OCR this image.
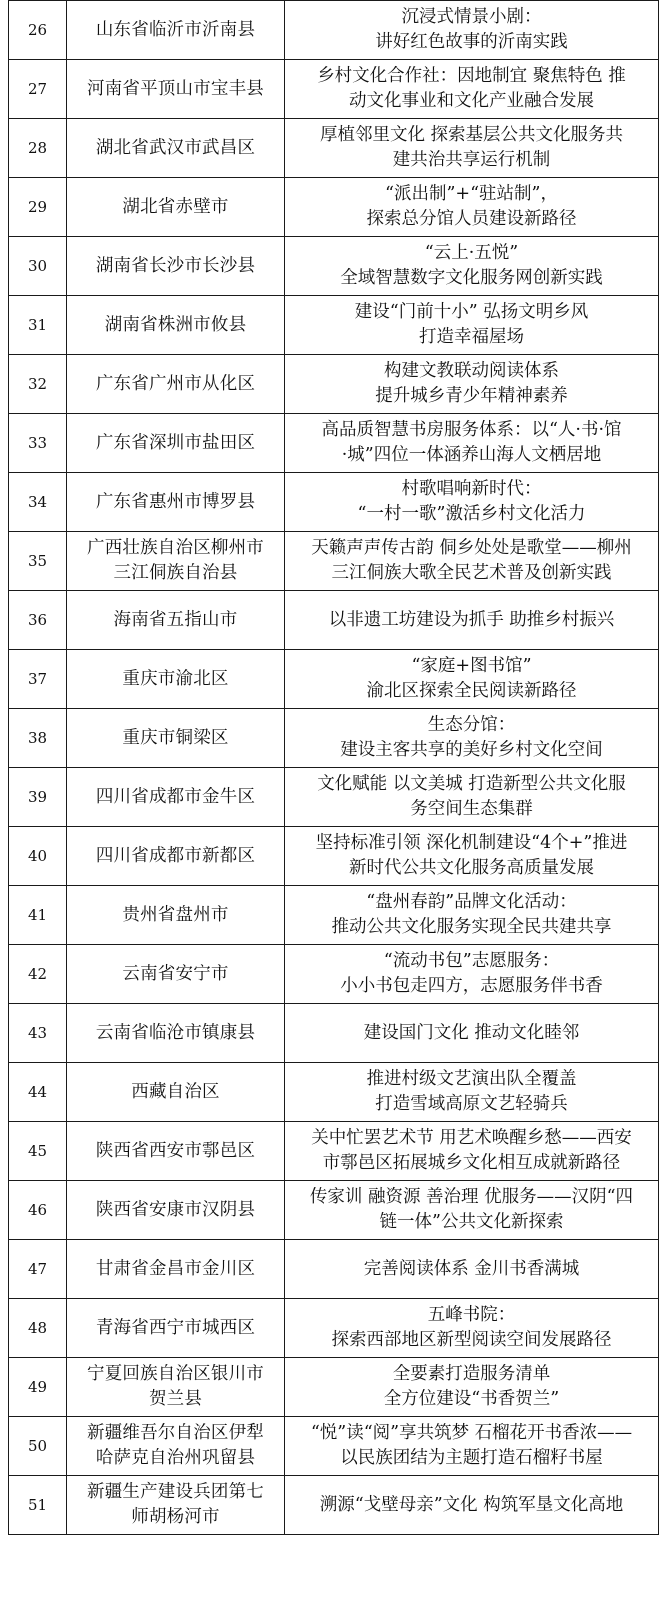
26	山东省临沂市沂南县	沉浸式情景小剧：
讲好红色故事的沂南实践

27	河南省平顶山市宝丰县	乡村文化合作社：因地制宜 聚焦特色 推
动文化事业和文化产业融合发展

28	湖北省武汉市武昌区	厚植邻里文化 探索基层公共文化服务共
建共治共享运行机制

29	湖北省赤壁市	“派出制”+“驻站制”，
探索总分馆人员建设新路径

30	湖南省长沙市长沙县	“云上·五悦”
全域智慧数字文化服务网创新实践

31	湖南省株洲市攸县	建设“门前十小” 弘扬文明乡风
打造幸福屋场

32	广东省广州市从化区	构建文教联动阅读体系
提升城乡青少年精神素养

33	广东省深圳市盐田区	高品质智慧书房服务体系：以“人·书·馆
·城”四位一体涵养山海人文栖居地

34	广东省惠州市博罗县	村歌唱响新时代：
“一村一歌”激活乡村文化活力

35	广西壮族自治区柳州市
三江侗族自治县	天籁声声传古韵 侗乡处处是歌堂——柳州
三江侗族大歌全民艺术普及创新实践

36	海南省五指山市	以非遗工坊建设为抓手 助推乡村振兴

37	重庆市渝北区	“家庭+图书馆”
渝北区探索全民阅读新路径

38	重庆市铜梁区	生态分馆：
建设主客共享的美好乡村文化空间

39	四川省成都市金牛区	文化赋能 以文美城 打造新型公共文化服
务空间生态集群

40	四川省成都市新都区	坚持标准引领 深化机制建设“4个+”推进
新时代公共文化服务高质量发展

41	贵州省盘州市	“盘州春韵”品牌文化活动：
推动公共文化服务实现全民共建共享

42	云南省安宁市	“流动书包”志愿服务：
小小书包走四方，志愿服务伴书香

43	云南省临沧市镇康县	建设国门文化 推动文化睦邻

44	西藏自治区	推进村级文艺演出队全覆盖
打造雪域高原文艺轻骑兵

45	陕西省西安市鄠邑区	关中忙罢艺术节 用艺术唤醒乡愁——西安
市鄠邑区拓展城乡文化相互成就新路径

46	陕西省安康市汉阴县	传家训 融资源 善治理 优服务——汉阴“四
链一体”公共文化新探索

47	甘肃省金昌市金川区	完善阅读体系 金川书香满城

48	青海省西宁市城西区	五峰书院：
探索西部地区新型阅读空间发展路径

49	宁夏回族自治区银川市
贺兰县	全要素打造服务清单
全方位建设“书香贺兰”

50	新疆维吾尔自治区伊犁
哈萨克自治州巩留县	“悦”读“阅”享共筑梦 石榴花开书香浓——
以民族团结为主题打造石榴籽书屋

51	新疆生产建设兵团第七
师胡杨河市	溯源“戈壁母亲”文化 构筑军垦文化高地
